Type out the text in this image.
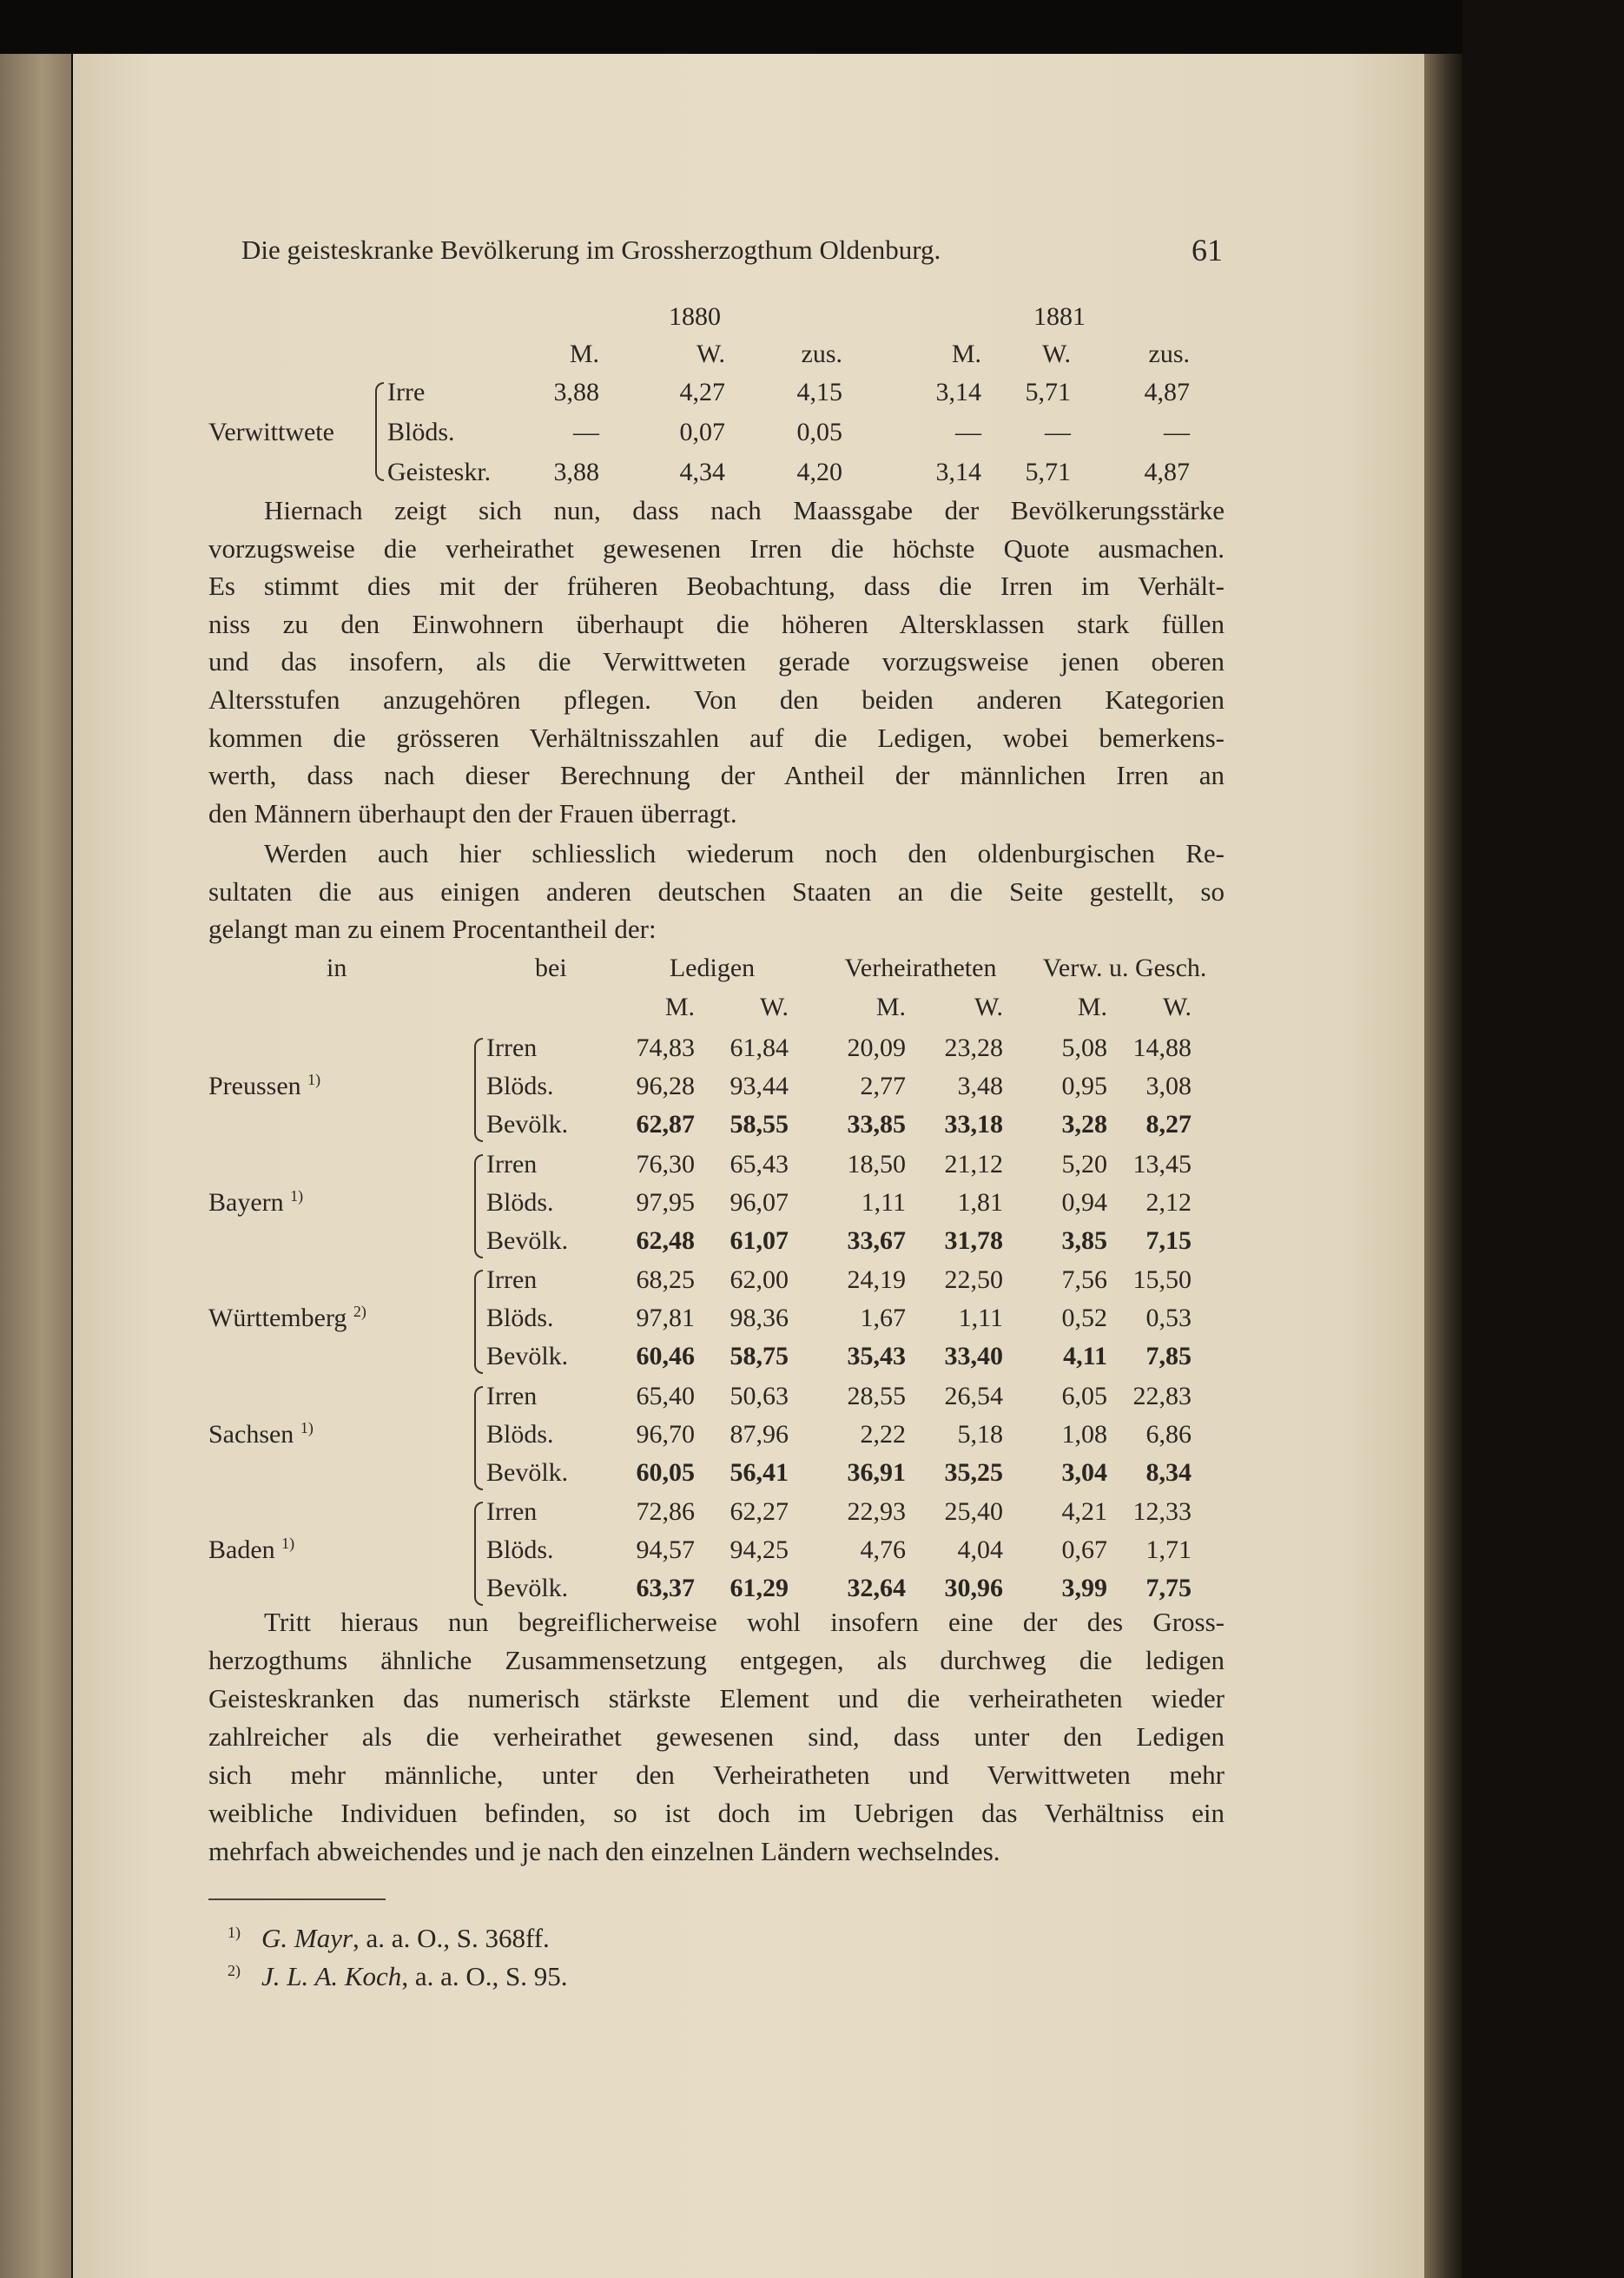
Die geisteskranke Bevölkerung im Grossherzogthum Oldenburg.	61
1880	1881
M.	W.	zus.	M.	W.	zus.
Verwittwete
Irre	3,88	4,27	4,15	3,14	5,71	4,87
Blöds.	—	0,07	0,05	—	—	—
Geisteskr.	3,88	4,34	4,20	3,14	5,71	4,87
Hiernach zeigt sich nun, dass nach Maassgabe der Bevölkerungsstärke
vorzugsweise die verheirathet gewesenen Irren die höchste Quote ausmachen.
Es stimmt dies mit der früheren Beobachtung, dass die Irren im Verhält-
niss zu den Einwohnern überhaupt die höheren Altersklassen stark füllen
und das insofern, als die Verwittweten gerade vorzugsweise jenen oberen
Altersstufen anzugehören pflegen. Von den beiden anderen Kategorien
kommen die grösseren Verhältnisszahlen auf die Ledigen, wobei bemerkens-
werth, dass nach dieser Berechnung der Antheil der männlichen Irren an
den Männern überhaupt den der Frauen überragt.
Werden auch hier schliesslich wiederum noch den oldenburgischen Re-
sultaten die aus einigen anderen deutschen Staaten an die Seite gestellt, so
gelangt man zu einem Procentantheil der:
in	bei	Ledigen	Verheiratheten	Verw. u. Gesch.
M.	W.	M.	W.	M.	W.
Preussen $^{1)}$
Irren	74,83	61,84	20,09	23,28	5,08 14,88
Blöds.	96,28	93,44	2,77	3,48	0,95	3,08
Bevölk.	62,87	58,55	33,85	33,18	3,28	8,27
Bayern $^{1)}$
Irren	76,30	65,43	18,50	21,12	5,20 13,45
Blöds.	97,95	96,07	1,11	1,81	0,94	2,12
Bevölk.	62,48	61,07	33,67	31,78	3,85	7,15
Württemberg $^{2)}$
Irren	68,25	62,00	24,19	22,50	7,56 15,50
Blöds.	97,81	98,36	1,67	1,11	0,52	0,53
Bevölk.	60,46	58,75	35,43	33,40	4,11	7,85
Sachsen $^{1)}$
Irren	65,40	50,63	28,55	26,54	6,05 22,83
Blöds.	96,70	87,96	2,22	5,18	1,08	6,86
Bevölk.	60,05	56,41	36,91	35,25	3,04	8,34
Baden $^{1)}$
Irren	72,86	62,27	22,93	25,40	4,21 12,33
Blöds.	94,57	94,25	4,76	4,04	0,67	1,71
Bevölk.	63,37	61,29	32,64	30,96	3,99	7,75
Tritt hieraus nun begreiflicherweise wohl insofern eine der des Gross-
herzogthums ähnliche Zusammensetzung entgegen, als durchweg die ledigen
Geisteskranken das numerisch stärkste Element und die verheiratheten wieder
zahlreicher als die verheirathet gewesenen sind, dass unter den Ledigen
sich mehr männliche, unter den Verheiratheten und Verwittweten mehr
weibliche Individuen befinden, so ist doch im Uebrigen das Verhältniss ein
mehrfach abweichendes und je nach den einzelnen Ländern wechselndes.
$^{1)}$ G. Mayr, a. a. O., S. 368ff.
$^{2)}$ J. L. A. Koch, a. a. O., S. 95.
